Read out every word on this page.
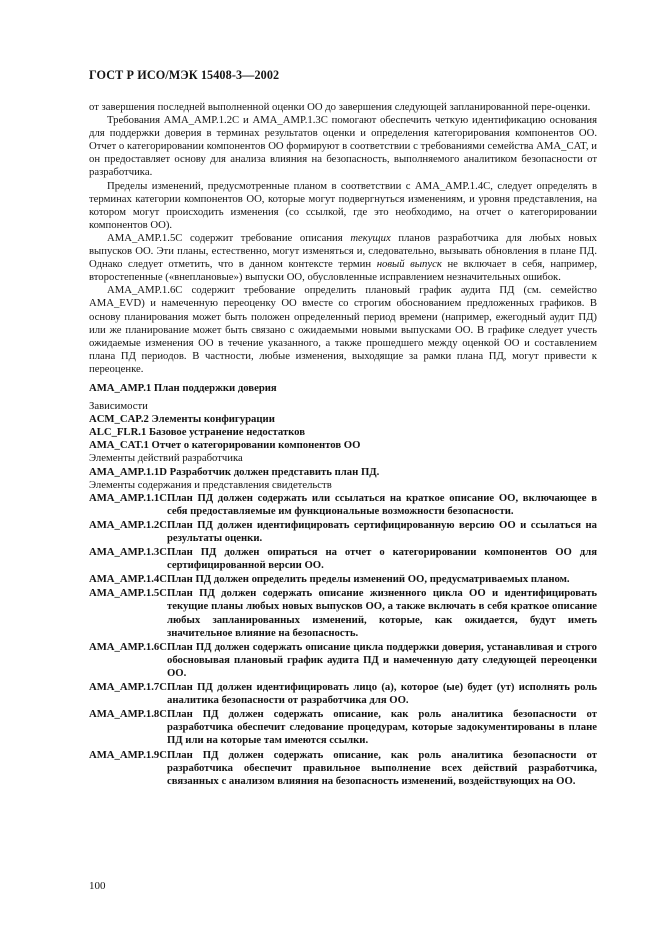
ГОСТ Р ИСО/МЭК 15408-3—2002

от завершения последней выполненной оценки ОО до завершения следующей запланированной пере-оценки.

Требования AMA_AMP.1.2C и AMA_AMP.1.3C помогают обеспечить четкую идентификацию основания для поддержки доверия в терминах результатов оценки и определения категорирования компонентов ОО. Отчет о категорировании компонентов ОО формируют в соответствии с требованиями семейства AMA_CAT, и он предоставляет основу для анализа влияния на безопасность, выполняемого аналитиком безопасности от разработчика.

Пределы изменений, предусмотренные планом в соответствии с AMA_AMP.1.4C, следует определять в терминах категории компонентов ОО, которые могут подвергнуться изменениям, и уровня представления, на котором могут происходить изменения (со ссылкой, где это необходимо, на отчет о категорировании компонентов ОО).

AMA_AMP.1.5C содержит требование описания текущих планов разработчика для любых новых выпусков ОО. Эти планы, естественно, могут изменяться и, следовательно, вызывать обновления в плане ПД. Однако следует отметить, что в данном контексте термин новый выпуск не включает в себя, например, второстепенные («внеплановые») выпуски ОО, обусловленные исправлением незначительных ошибок.

AMA_AMP.1.6C содержит требование определить плановый график аудита ПД (см. семейство AMA_EVD) и намеченную переоценку ОО вместе со строгим обоснованием предложенных графиков. В основу планирования может быть положен определенный период времени (например, ежегодный аудит ПД) или же планирование может быть связано с ожидаемыми новыми выпусками ОО. В графике следует учесть ожидаемые изменения ОО в течение указанного, а также прошедшего между оценкой ОО и составлением плана ПД периодов. В частности, любые изменения, выходящие за рамки плана ПД, могут привести к переоценке.

AMA_AMP.1 План поддержки доверия

Зависимости

ACM_CAP.2 Элементы конфигурации

ALC_FLR.1 Базовое устранение недостатков

AMA_CAT.1 Отчет о категорировании компонентов ОО

Элементы действий разработчика

AMA_AMP.1.1D Разработчик должен представить план ПД.

Элементы содержания и представления свидетельств

AMA_AMP.1.1C План ПД должен содержать или ссылаться на краткое описание ОО, включающее в себя предоставляемые им функциональные возможности безопасности.
AMA_AMP.1.2C План ПД должен идентифицировать сертифицированную версию ОО и ссылаться на результаты оценки.
AMA_AMP.1.3C План ПД должен опираться на отчет о категорировании компонентов ОО для сертифицированной версии ОО.
AMA_AMP.1.4C План ПД должен определить пределы изменений ОО, предусматриваемых планом.
AMA_AMP.1.5C План ПД должен содержать описание жизненного цикла ОО и идентифицировать текущие планы любых новых выпусков ОО, а также включать в себя краткое описание любых запланированных изменений, которые, как ожидается, будут иметь значительное влияние на безопасность.
AMA_AMP.1.6C План ПД должен содержать описание цикла поддержки доверия, устанавливая и строго обосновывая плановый график аудита ПД и намеченную дату следующей переоценки ОО.
AMA_AMP.1.7C План ПД должен идентифицировать лицо (а), которое (ые) будет (ут) исполнять роль аналитика безопасности от разработчика для ОО.
AMA_AMP.1.8C План ПД должен содержать описание, как роль аналитика безопасности от разработчика обеспечит следование процедурам, которые задокументированы в плане ПД или на которые там имеются ссылки.
AMA_AMP.1.9C План ПД должен содержать описание, как роль аналитика безопасности от разработчика обеспечит правильное выполнение всех действий разработчика, связанных с анализом влияния на безопасность изменений, воздействующих на ОО.
100
